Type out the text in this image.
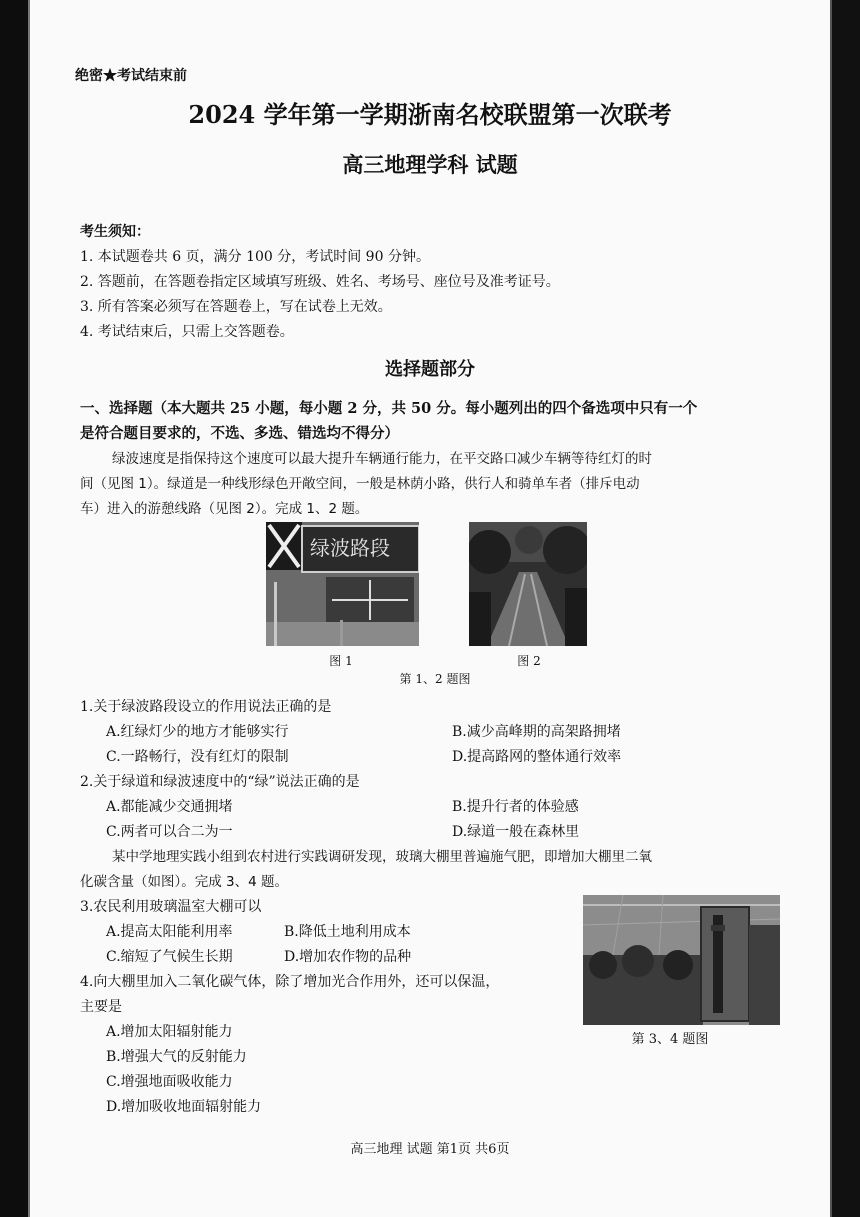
绝密★考试结束前
2024 学年第一学期浙南名校联盟第一次联考
高三地理学科 试题
考生须知：
1. 本试题卷共 6 页，满分 100 分，考试时间 90 分钟。
2. 答题前，在答题卷指定区域填写班级、姓名、考场号、座位号及准考证号。
3. 所有答案必须写在答题卷上，写在试卷上无效。
4. 考试结束后，只需上交答题卷。
选择题部分
一、选择题（本大题共 25 小题，每小题 2 分，共 50 分。每小题列出的四个备选项中只有一个
是符合题目要求的，不选、多选、错选均不得分）
绿波速度是指保持这个速度可以最大提升车辆通行能力，在平交路口减少车辆等待红灯的时
间（见图 1）。绿道是一种线形绿色开敞空间，一般是林荫小路，供行人和骑单车者（排斥电动
车）进入的游憩线路（见图 2）。完成 1、2 题。
绿波路段
图 1	图 2
第 1、2 题图
1.关于绿波路段设立的作用说法正确的是
A.红绿灯少的地方才能够实行	B.减少高峰期的高架路拥堵
C.一路畅行，没有红灯的限制	D.提高路网的整体通行效率
2.关于绿道和绿波速度中的“绿”说法正确的是
A.都能减少交通拥堵	B.提升行者的体验感
C.两者可以合二为一	D.绿道一般在森林里
某中学地理实践小组到农村进行实践调研发现，玻璃大棚里普遍施气肥，即增加大棚里二氧
化碳含量（如图）。完成 3、4 题。
3.农民利用玻璃温室大棚可以
A.提高太阳能利用率	B.降低土地利用成本
C.缩短了气候生长期	D.增加农作物的品种
4.向大棚里加入二氧化碳气体，除了增加光合作用外，还可以保温，
主要是
A.增加太阳辐射能力
B.增强大气的反射能力
C.增强地面吸收能力
D.增加吸收地面辐射能力
第 3、4 题图
高三地理 试题 第1页 共6页
